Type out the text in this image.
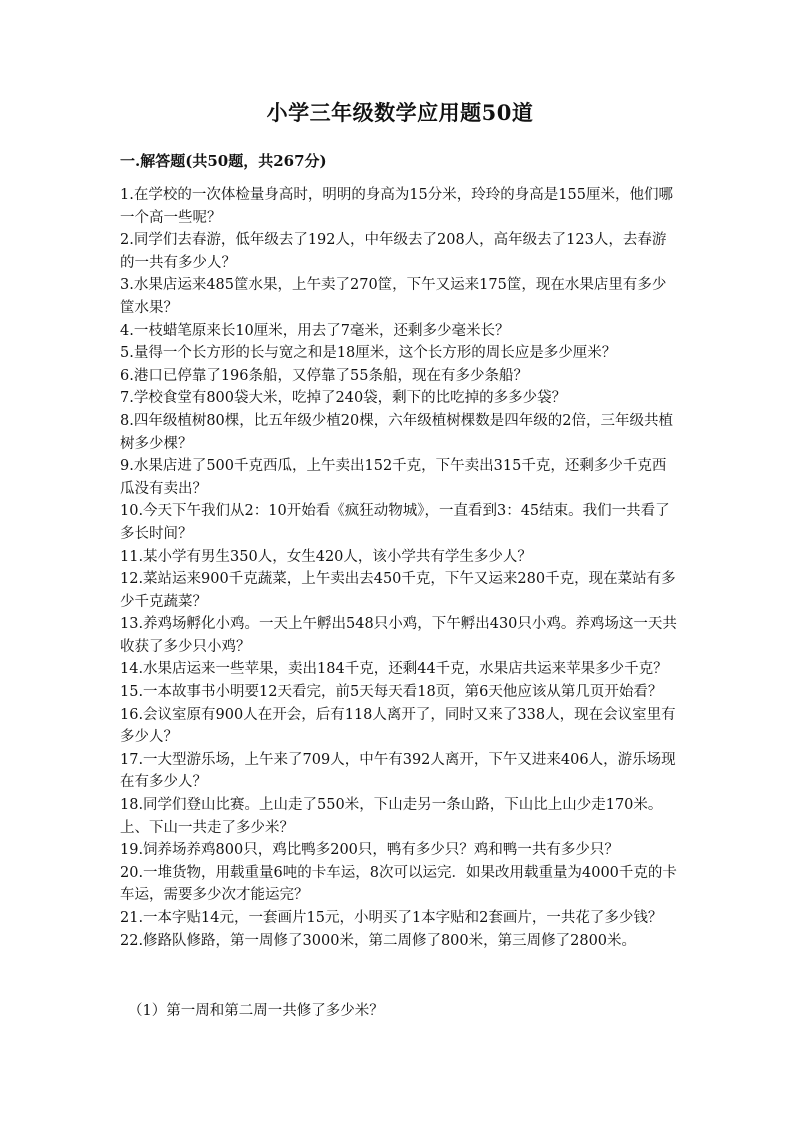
小学三年级数学应用题50道
一.解答题(共50题，共267分)
1.在学校的一次体检量身高时，明明的身高为15分米，玲玲的身高是155厘米，他们哪一个高一些呢？
2.同学们去春游，低年级去了192人，中年级去了208人，高年级去了123人，去春游的一共有多少人？
3.水果店运来485筐水果，上午卖了270筐，下午又运来175筐，现在水果店里有多少筐水果？
4.一枝蜡笔原来长10厘米，用去了7毫米，还剩多少毫米长？
5.量得一个长方形的长与宽之和是18厘米，这个长方形的周长应是多少厘米？
6.港口已停靠了196条船，又停靠了55条船，现在有多少条船？
7.学校食堂有800袋大米，吃掉了240袋，剩下的比吃掉的多多少袋？
8.四年级植树80棵，比五年级少植20棵，六年级植树棵数是四年级的2倍，三年级共植树多少棵？
9.水果店进了500千克西瓜，上午卖出152千克，下午卖出315千克，还剩多少千克西瓜没有卖出？
10.今天下午我们从2：10开始看《疯狂动物城》，一直看到3：45结束。我们一共看了多长时间？
11.某小学有男生350人，女生420人，该小学共有学生多少人？
12.菜站运来900千克蔬菜，上午卖出去450千克，下午又运来280千克，现在菜站有多少千克蔬菜？
13.养鸡场孵化小鸡。一天上午孵出548只小鸡，下午孵出430只小鸡。养鸡场这一天共收获了多少只小鸡？
14.水果店运来一些苹果，卖出184千克，还剩44千克，水果店共运来苹果多少千克？
15.一本故事书小明要12天看完，前5天每天看18页，第6天他应该从第几页开始看？
16.会议室原有900人在开会，后有118人离开了，同时又来了338人，现在会议室里有多少人？
17.一大型游乐场，上午来了709人，中午有392人离开，下午又进来406人，游乐场现在有多少人？
18.同学们登山比赛。上山走了550米，下山走另一条山路，下山比上山少走170米。上、下山一共走了多少米？
19.饲养场养鸡800只，鸡比鸭多200只，鸭有多少只？鸡和鸭一共有多少只？
20.一堆货物，用载重量6吨的卡车运，8次可以运完．如果改用载重量为4000千克的卡车运，需要多少次才能运完？
21.一本字贴14元，一套画片15元，小明买了1本字贴和2套画片，一共花了多少钱？
22.修路队修路，第一周修了3000米，第二周修了800米，第三周修了2800米。
（1）第一周和第二周一共修了多少米？
